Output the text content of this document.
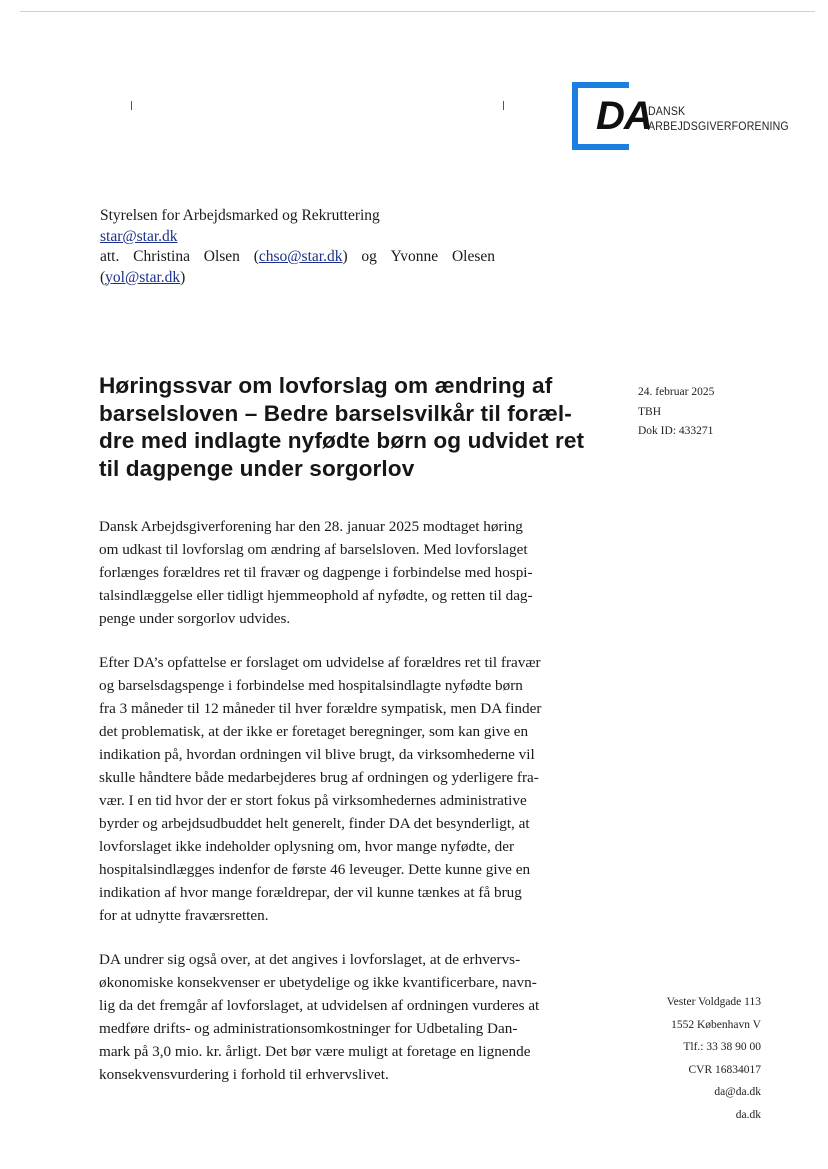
DA
DANSK
ARBEJDSGIVERFORENING
Styrelsen for Arbejdsmarked og Rekruttering
star@star.dk
att. Christina Olsen (chso@star.dk) og Yvonne Olesen
(yol@star.dk)
Høringssvar om lovforslag om ændring af
barselsloven – Bedre barselsvilkår til foræl-
dre med indlagte nyfødte børn og udvidet ret
til dagpenge under sorgorlov
24. februar 2025
TBH
Dok ID: 433271

Dansk Arbejdsgiverforening har den 28. januar 2025 modtaget høring
om udkast til lovforslag om ændring af barselsloven. Med lovforslaget
forlænges forældres ret til fravær og dagpenge i forbindelse med hospi-
talsindlæggelse eller tidligt hjemmeophold af nyfødte, og retten til dag-
penge under sorgorlov udvides.

Efter DA’s opfattelse er forslaget om udvidelse af forældres ret til fravær
og barselsdagspenge i forbindelse med hospitalsindlagte nyfødte børn
fra 3 måneder til 12 måneder til hver forældre sympatisk, men DA finder
det problematisk, at der ikke er foretaget beregninger, som kan give en
indikation på, hvordan ordningen vil blive brugt, da virksomhederne vil
skulle håndtere både medarbejderes brug af ordningen og yderligere fra-
vær. I en tid hvor der er stort fokus på virksomhedernes administrative
byrder og arbejdsudbuddet helt generelt, finder DA det besynderligt, at
lovforslaget ikke indeholder oplysning om, hvor mange nyfødte, der
hospitalsindlægges indenfor de første 46 leveuger. Dette kunne give en
indikation af hvor mange forældrepar, der vil kunne tænkes at få brug
for at udnytte fraværsretten.

DA undrer sig også over, at det angives i lovforslaget, at de erhvervs-
økonomiske konsekvenser er ubetydelige og ikke kvantificerbare, navn-
lig da det fremgår af lovforslaget, at udvidelsen af ordningen vurderes at
medføre drifts- og administrationsomkostninger for Udbetaling Dan-
mark på 3,0 mio. kr. årligt. Det bør være muligt at foretage en lignende
konsekvensvurdering i forhold til erhvervslivet.

Vester Voldgade 113
1552 København V
Tlf.: 33 38 90 00
CVR 16834017
da@da.dk
da.dk
